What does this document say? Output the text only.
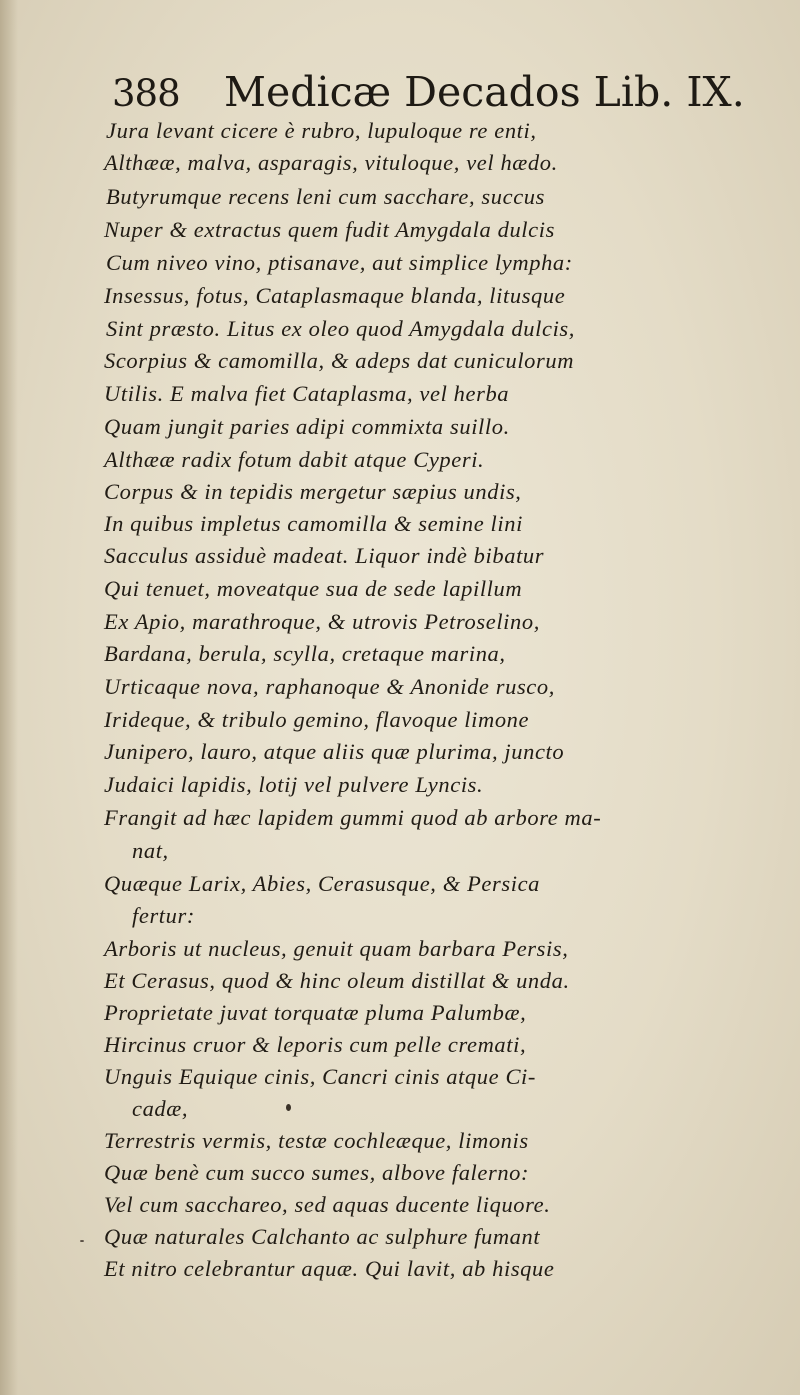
388 Medicæ Decados Lib. IX.
Jura levant cicere è rubro, lupuloque re enti,
Althææ, malva, asparagis, vituloque, vel hædo.
Butyrumque recens leni cum sacchare, succus
Nuper & extractus quem fudit Amygdala dulcis
Cum niveo vino, ptisanave, aut simplice lympha:
Insessus, fotus, Cataplasmaque blanda, litusque
Sint præsto. Litus ex oleo quod Amygdala dulcis,
Scorpius & camomilla, & adeps dat cuniculorum
Utilis. E malva fiet Cataplasma, vel herba
Quam jungit paries adipi commixta suillo.
Althææ radix fotum dabit atque Cyperi.
Corpus & in tepidis mergetur sæpius undis,
In quibus impletus camomilla & semine lini
Sacculus assiduè madeat. Liquor indè bibatur
Qui tenuet, moveatque sua de sede lapillum
Ex Apio, marathroque, & utrovis Petroselino,
Bardana, berula, scylla, cretaque marina,
Urticaque nova, raphanoque & Anonide rusco,
Irideque, & tribulo gemino, flavoque limone
Junipero, lauro, atque aliis quæ plurima, juncto
Judaici lapidis, lotij vel pulvere Lyncis.
Frangit ad hæc lapidem gummi quod ab arbore ma-
nat,
Quæque Larix, Abies, Cerasusque, & Persica
fertur:
Arboris ut nucleus, genuit quam barbara Persis,
Et Cerasus, quod & hinc oleum distillat & unda.
Proprietate juvat torquatæ pluma Palumbæ,
Hircinus cruor & leporis cum pelle cremati,
Unguis Equique cinis, Cancri cinis atque Ci-
cadæ,
Terrestris vermis, testæ cochleæque, limonis
Quæ benè cum succo sumes, albove falerno:
Vel cum sacchareo, sed aquas ducente liquore.
Quæ naturales Calchanto ac sulphure fumant
Et nitro celebrantur aquæ. Qui lavit, ab hisque
